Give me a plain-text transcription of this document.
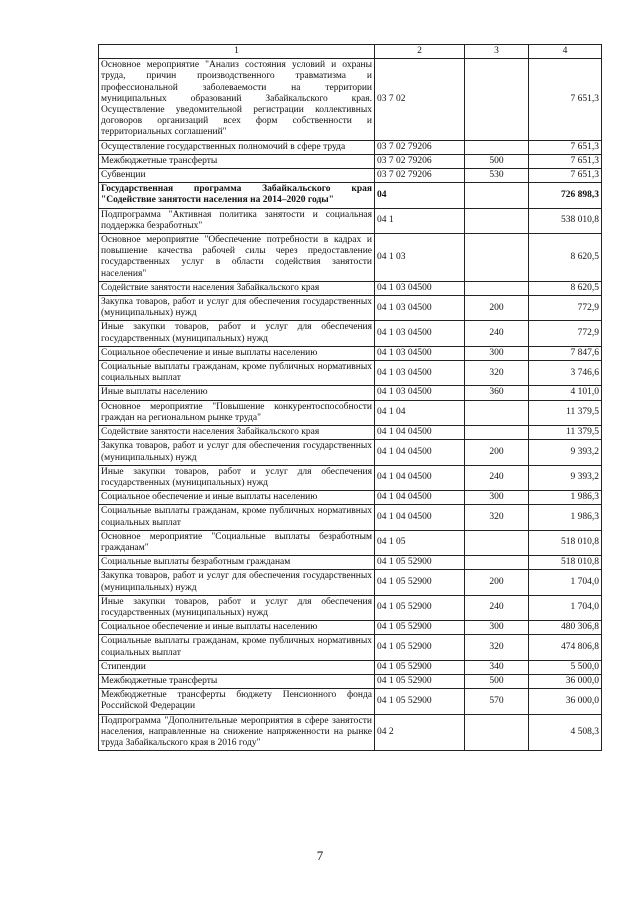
1	2	3	4
Основное мероприятие "Анализ состояния условий и охраны труда, причин производственного травматизма и профессиональной заболеваемости на территории муниципальных образований Забайкальского края. Осуществление уведомительной регистрации коллективных договоров организаций всех форм собственности и территориальных соглашений"	03 7 02		7 651,3
Осуществление государственных полномочий в сфере труда	03 7 02 79206		7 651,3
Межбюджетные трансферты	03 7 02 79206	500	7 651,3
Субвенции	03 7 02 79206	530	7 651,3
Государственная программа Забайкальского края "Содействие занятости населения на 2014–2020 годы"	04		726 898,3
Подпрограмма "Активная политика занятости и социальная поддержка безработных"	04 1		538 010,8
Основное мероприятие "Обеспечение потребности в кадрах и повышение качества рабочей силы через предоставление государственных услуг в области содействия занятости населения"	04 1 03		8 620,5
Содействие занятости населения Забайкальского края	04 1 03 04500		8 620,5
Закупка товаров, работ и услуг для обеспечения государственных (муниципальных) нужд	04 1 03 04500	200	772,9
Иные закупки товаров, работ и услуг для обеспечения государственных (муниципальных) нужд	04 1 03 04500	240	772,9
Социальное обеспечение и иные выплаты населению	04 1 03 04500	300	7 847,6
Социальные выплаты гражданам, кроме публичных нормативных социальных выплат	04 1 03 04500	320	3 746,6
Иные выплаты населению	04 1 03 04500	360	4 101,0
Основное мероприятие "Повышение конкурентоспособности граждан на региональном рынке труда"	04 1 04		11 379,5
Содействие занятости населения Забайкальского края	04 1 04 04500		11 379,5
Закупка товаров, работ и услуг для обеспечения государственных (муниципальных) нужд	04 1 04 04500	200	9 393,2
Иные закупки товаров, работ и услуг для обеспечения государственных (муниципальных) нужд	04 1 04 04500	240	9 393,2
Социальное обеспечение и иные выплаты населению	04 1 04 04500	300	1 986,3
Социальные выплаты гражданам, кроме публичных нормативных социальных выплат	04 1 04 04500	320	1 986,3
Основное мероприятие "Социальные выплаты безработным гражданам"	04 1 05		518 010,8
Социальные выплаты безработным гражданам	04 1 05 52900		518 010,8
Закупка товаров, работ и услуг для обеспечения государственных (муниципальных) нужд	04 1 05 52900	200	1 704,0
Иные закупки товаров, работ и услуг для обеспечения государственных (муниципальных) нужд	04 1 05 52900	240	1 704,0
Социальное обеспечение и иные выплаты населению	04 1 05 52900	300	480 306,8
Социальные выплаты гражданам, кроме публичных нормативных социальных выплат	04 1 05 52900	320	474 806,8
Стипендии	04 1 05 52900	340	5 500,0
Межбюджетные трансферты	04 1 05 52900	500	36 000,0
Межбюджетные трансферты бюджету Пенсионного фонда Российской Федерации	04 1 05 52900	570	36 000,0
Подпрограмма "Дополнительные мероприятия в сфере занятости населения, направленные на снижение напряженности на рынке труда Забайкальского края в 2016 году"	04 2		4 508,3
7
